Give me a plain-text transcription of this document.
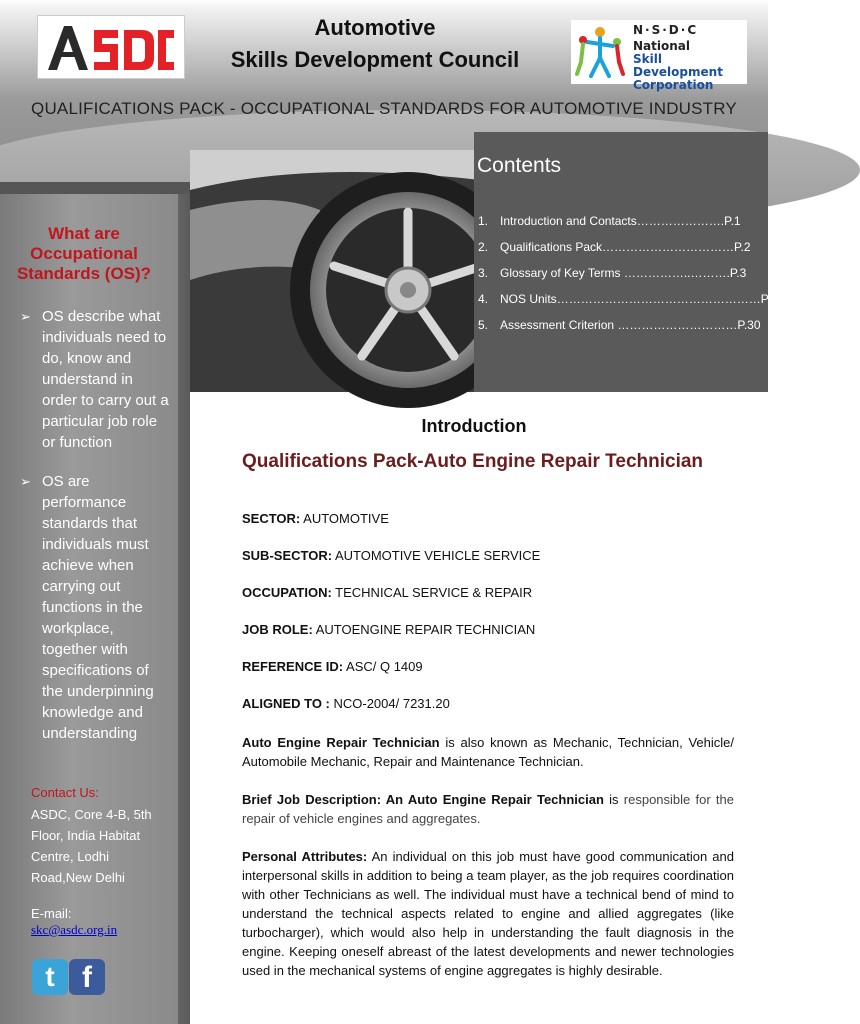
Automotive
Skills Development Council
N·S·D·C
National
Skill Development
Corporation
QUALIFICATIONS PACK - OCCUPATIONAL STANDARDS FOR AUTOMOTIVE INDUSTRY
Contents
1. Introduction and Contacts………………….P.1
2. Qualifications Pack……………………………P.2
3. Glossary of Key Terms ……………..……….P.3
4. NOS Units……………………………………………P.6
5. Assessment Criterion …………………………P.30
What are
Occupational
Standards (OS)?
➢ OS describe what individuals need to do, know and understand in order to carry out a particular job role or function
➢ OS are performance standards that individuals must achieve when carrying out functions in the workplace, together with specifications of the underpinning knowledge and understanding
Contact Us:
ASDC, Core 4-B, 5th Floor, India Habitat Centre, Lodhi Road,New Delhi
E-mail:
skc@asdc.org.in
t f
Introduction
Qualifications Pack-Auto Engine Repair Technician
SECTOR: AUTOMOTIVE
SUB-SECTOR: AUTOMOTIVE VEHICLE SERVICE
OCCUPATION: TECHNICAL SERVICE & REPAIR
JOB ROLE: AUTOENGINE REPAIR TECHNICIAN
REFERENCE ID: ASC/ Q 1409
ALIGNED TO : NCO-2004/ 7231.20
Auto Engine Repair Technician is also known as Mechanic, Technician, Vehicle/ Automobile Mechanic, Repair and Maintenance Technician.
Brief Job Description: An Auto Engine Repair Technician is responsible for the repair of vehicle engines and aggregates.
Personal Attributes: An individual on this job must have good communication and interpersonal skills in addition to being a team player, as the job requires coordination with other Technicians as well. The individual must have a technical bend of mind to understand the technical aspects related to engine and allied aggregates (like turbocharger), which would also help in understanding the fault diagnosis in the engine. Keeping oneself abreast of the latest developments and newer technologies used in the mechanical systems of engine aggregates is highly desirable.
